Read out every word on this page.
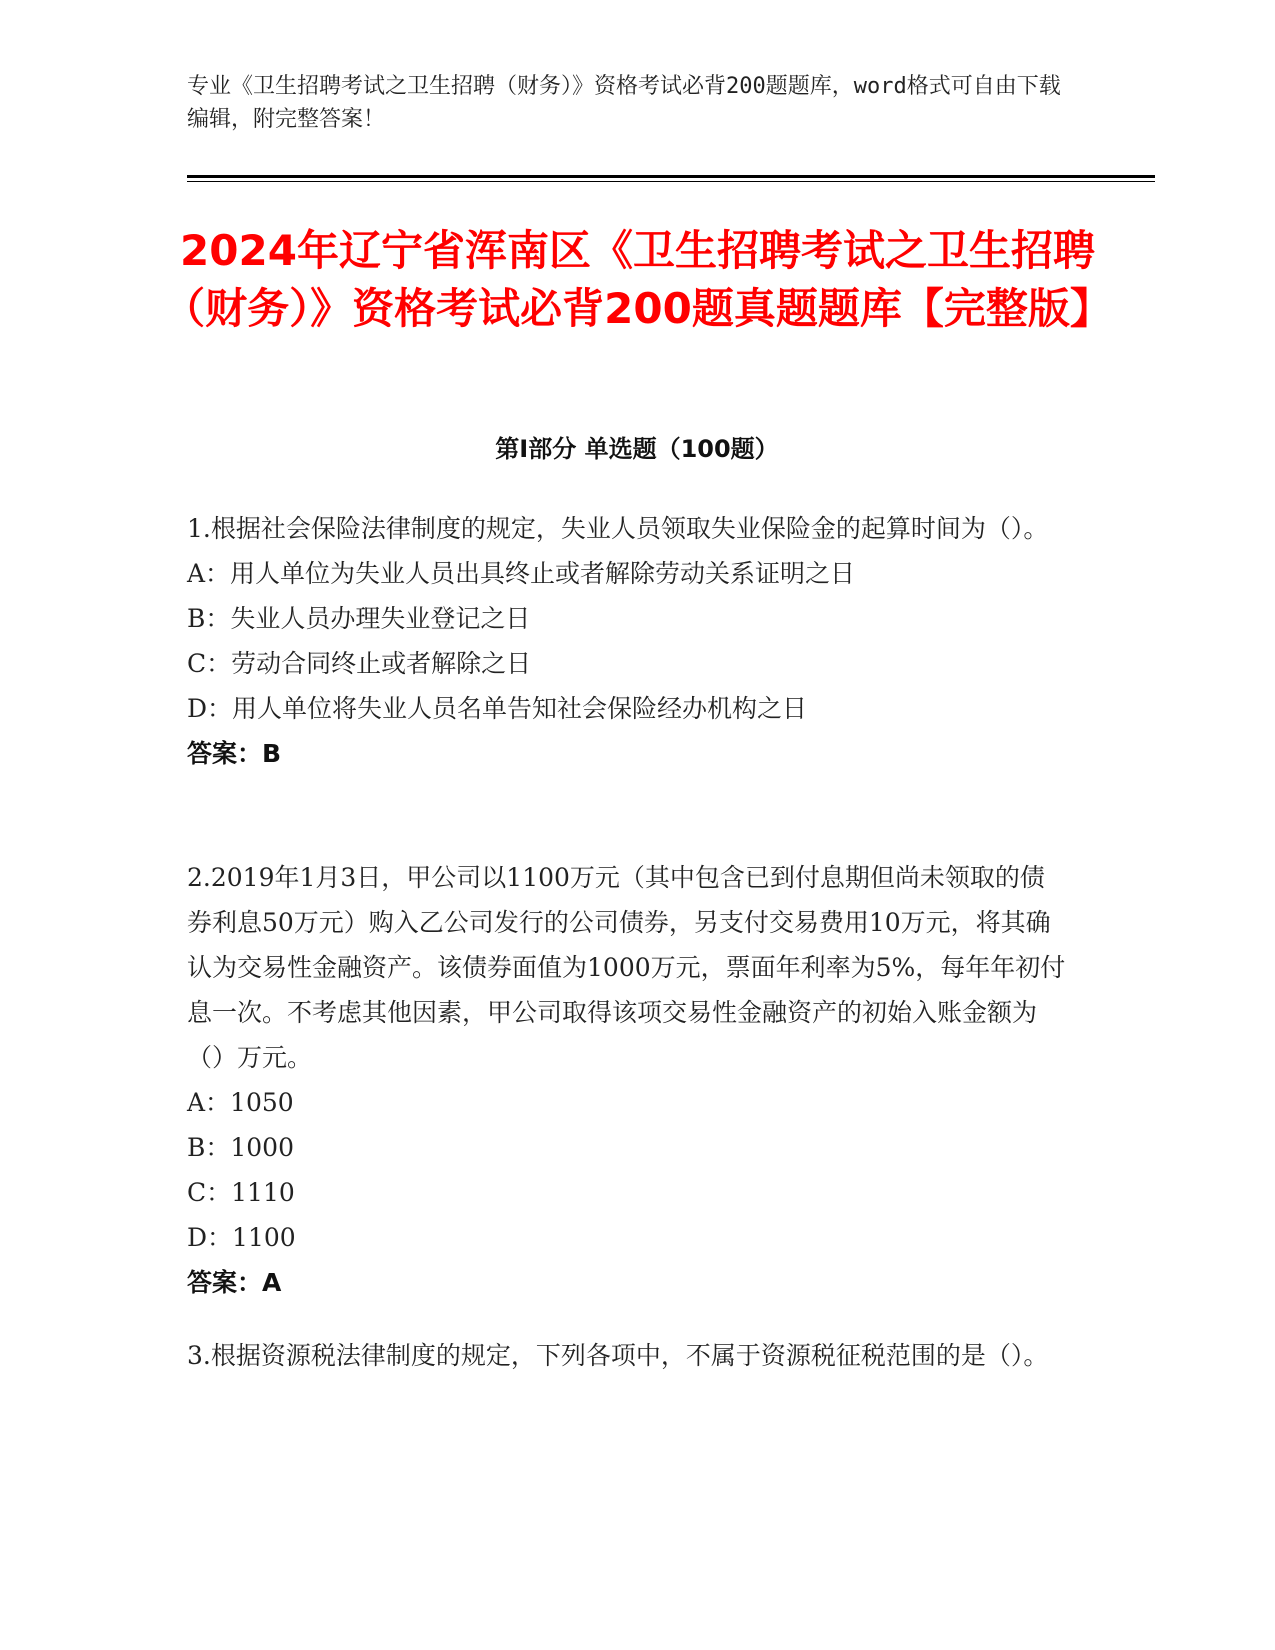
专业《卫生招聘考试之卫生招聘（财务）》资格考试必背200题题库，word格式可自由下载编辑，附完整答案！
2024年辽宁省浑南区《卫生招聘考试之卫生招聘（财务）》资格考试必背200题真题题库【完整版】
第Ⅰ部分 单选题（100题）

1.根据社会保险法律制度的规定，失业人员领取失业保险金的起算时间为（）。

A：用人单位为失业人员出具终止或者解除劳动关系证明之日

B：失业人员办理失业登记之日

C：劳动合同终止或者解除之日

D：用人单位将失业人员名单告知社会保险经办机构之日

答案：B

2.2019年1月3日，甲公司以1100万元（其中包含已到付息期但尚未领取的债券利息50万元）购入乙公司发行的公司债券，另支付交易费用10万元，将其确认为交易性金融资产。该债券面值为1000万元，票面年利率为5%，每年年初付息一次。不考虑其他因素，甲公司取得该项交易性金融资产的初始入账金额为（）万元。

A：1050

B：1000

C：1110

D：1100

答案：A

3.根据资源税法律制度的规定，下列各项中，不属于资源税征税范围的是（）。
